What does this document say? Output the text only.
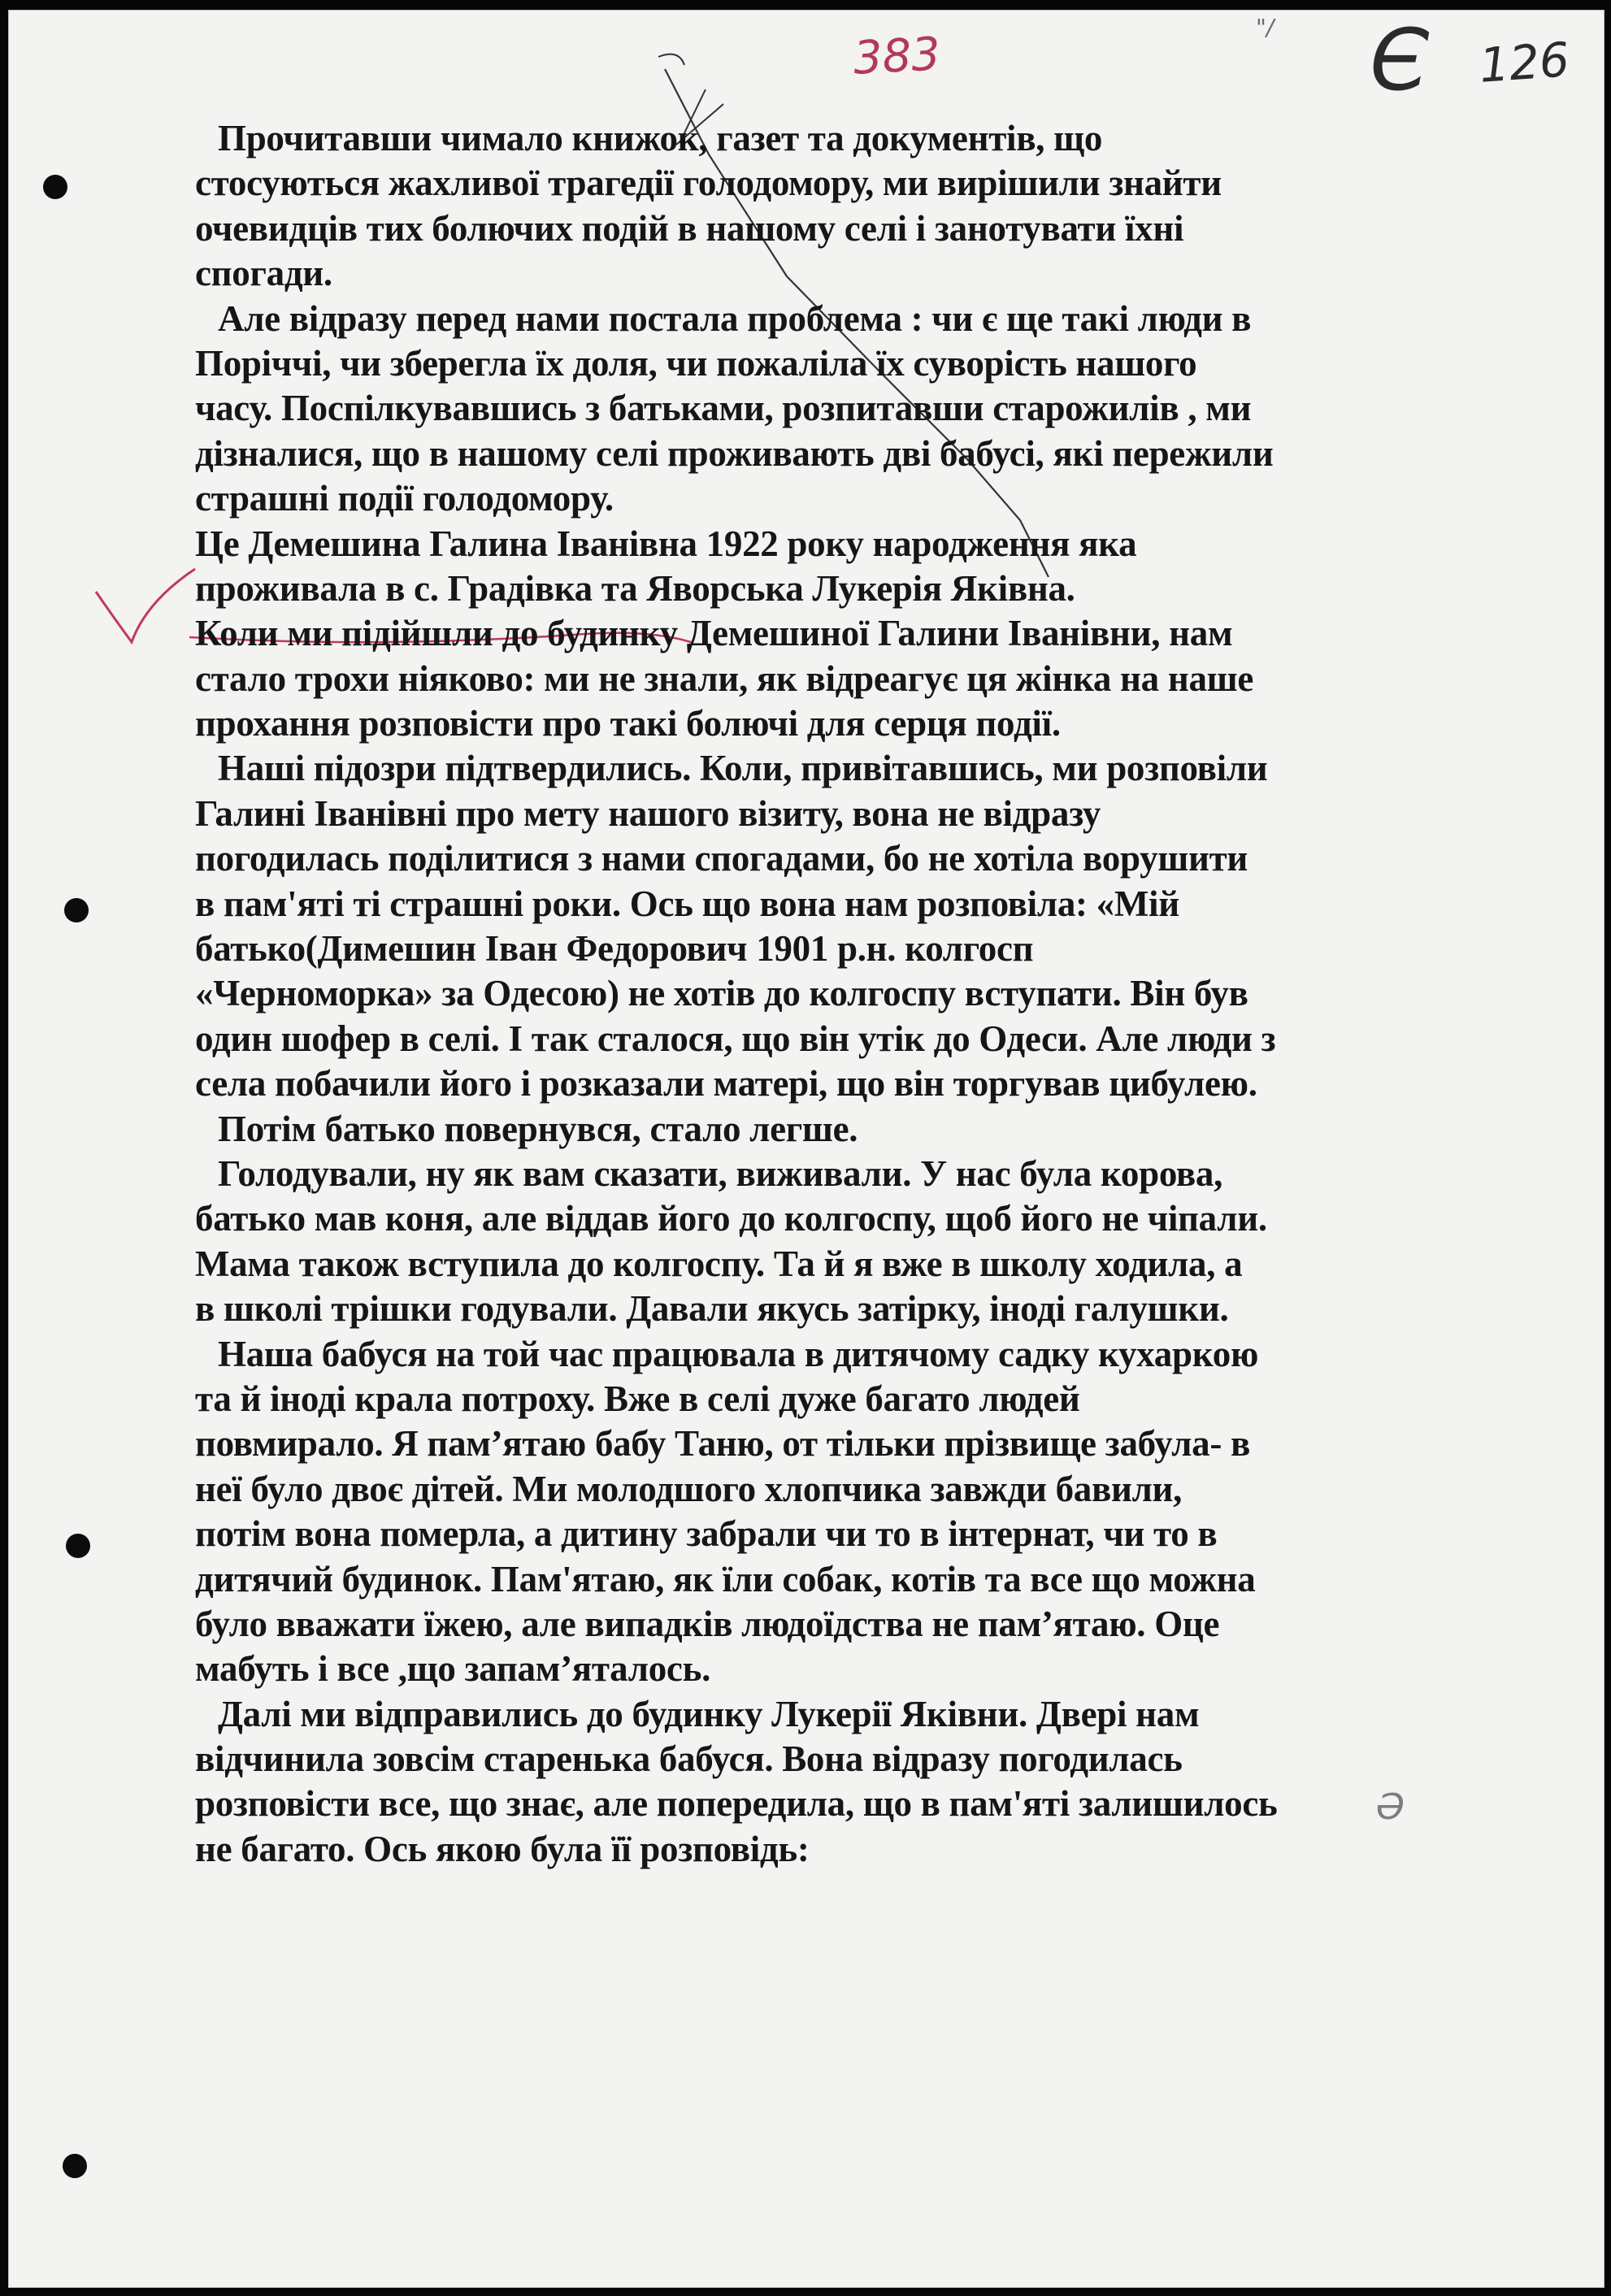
383
"/ Є 126
Ә
Прочитавши чимало книжок, газет та документів, що
стосуються жахливої трагедії голодомору, ми вирішили знайти
очевидців тих болючих подій в нашому селі і занотувати їхні
спогади.
Але відразу перед нами постала проблема : чи є ще такі люди в
Поріччі, чи зберегла їх доля, чи пожаліла їх суворість нашого
часу. Поспілкувавшись з батьками, розпитавши старожилів , ми
дізналися, що в нашому селі проживають дві бабусі, які пережили
страшні події голодомору.
Це Демешина Галина Іванівна 1922 року народження яка
проживала в с. Градівка та Яворська Лукерія Яківна.
Коли ми підійшли до будинку Демешиної Галини Іванівни, нам
стало трохи ніяково: ми не знали, як відреагує ця жінка на наше
прохання розповісти про такі болючі для серця події.
Наші підозри підтвердились. Коли, привітавшись, ми розповіли
Галині Іванівні про мету нашого візиту, вона не відразу
погодилась поділитися з нами спогадами, бо не хотіла ворушити
в пам'яті ті страшні роки. Ось що вона нам розповіла: «Мій
батько(Димешин Іван Федорович 1901 р.н. колгосп
«Черноморка» за Одесою) не хотів до колгоспу вступати. Він був
один шофер в селі. І так сталося, що він утік до Одеси. Але люди з
села побачили його і розказали матері, що він торгував цибулею.
Потім батько повернувся, стало легше.
Голодували, ну як вам сказати, виживали. У нас була корова,
батько мав коня, але віддав його до колгоспу, щоб його не чіпали.
Мама також вступила до колгоспу. Та й я вже в школу ходила, а
в школі трішки годували. Давали якусь затірку, іноді галушки.
Наша бабуся на той час працювала в дитячому садку кухаркою
та й іноді крала потроху. Вже в селі дуже багато людей
повмирало. Я пам’ятаю бабу Таню, от тільки прізвище забула- в
неї було двоє дітей. Ми молодшого хлопчика завжди бавили,
потім вона померла, а дитину забрали чи то в інтернат, чи то в
дитячий будинок. Пам'ятаю, як їли собак, котів та все що можна
було вважати їжею, але випадків людоїдства не пам’ятаю. Оце
мабуть і все ,що запам’яталось.
Далі ми відправились до будинку Лукерії Яківни. Двері нам
відчинила зовсім старенька бабуся. Вона відразу погодилась
розповісти все, що знає, але попередила, що в пам'яті залишилось
не багато. Ось якою була її розповідь:
